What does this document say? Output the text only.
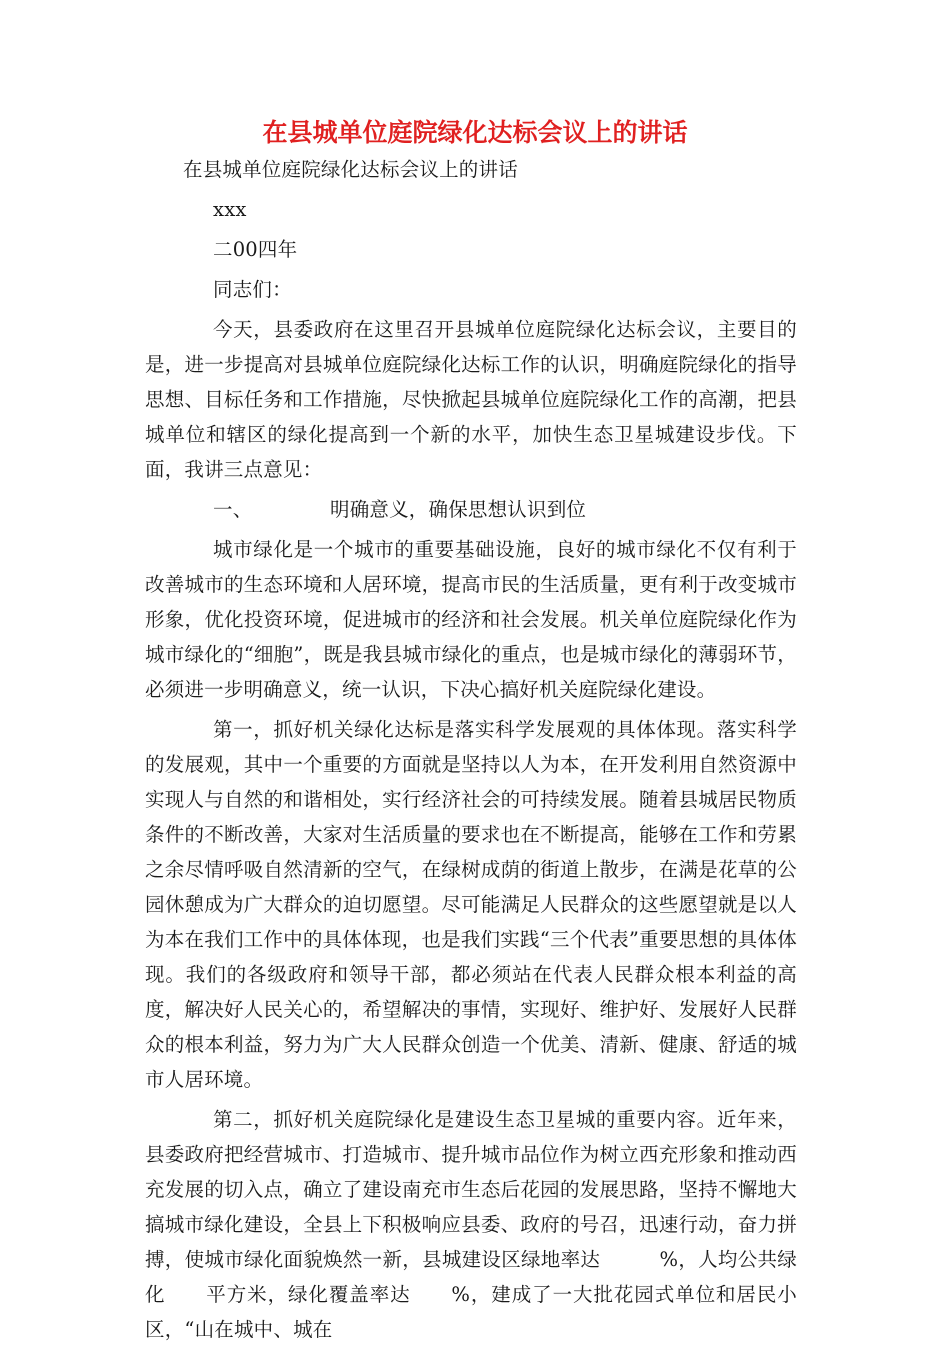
在县城单位庭院绿化达标会议上的讲话

在县城单位庭院绿化达标会议上的讲话

xxx

二00四年

同志们：

今天，县委政府在这里召开县城单位庭院绿化达标会议，主要目的是，进一步提高对县城单位庭院绿化达标工作的认识，明确庭院绿化的指导思想、目标任务和工作措施，尽快掀起县城单位庭院绿化工作的高潮，把县城单位和辖区的绿化提高到一个新的水平，加快生态卫星城建设步伐。下面，我讲三点意见：

一、	明确意义，确保思想认识到位

城市绿化是一个城市的重要基础设施，良好的城市绿化不仅有利于改善城市的生态环境和人居环境，提高市民的生活质量，更有利于改变城市形象，优化投资环境，促进城市的经济和社会发展。机关单位庭院绿化作为城市绿化的“细胞”，既是我县城市绿化的重点，也是城市绿化的薄弱环节，必须进一步明确意义，统一认识，下决心搞好机关庭院绿化建设。

第一，抓好机关绿化达标是落实科学发展观的具体体现。落实科学的发展观，其中一个重要的方面就是坚持以人为本，在开发利用自然资源中实现人与自然的和谐相处，实行经济社会的可持续发展。随着县城居民物质条件的不断改善，大家对生活质量的要求也在不断提高，能够在工作和劳累之余尽情呼吸自然清新的空气，在绿树成荫的街道上散步，在满是花草的公园休憩成为广大群众的迫切愿望。尽可能满足人民群众的这些愿望就是以人为本在我们工作中的具体体现，也是我们实践“三个代表”重要思想的具体体现。我们的各级政府和领导干部，都必须站在代表人民群众根本利益的高度，解决好人民关心的，希望解决的事情，实现好、维护好、发展好人民群众的根本利益，努力为广大人民群众创造一个优美、清新、健康、舒适的城市人居环境。

第二，抓好机关庭院绿化是建设生态卫星城的重要内容。近年来，县委政府把经营城市、打造城市、提升城市品位作为树立西充形象和推动西充发展的切入点，确立了建设南充市生态后花园的发展思路，坚持不懈地大搞城市绿化建设，全县上下积极响应县委、政府的号召，迅速行动，奋力拼搏，使城市绿化面貌焕然一新，县城建设区绿地率达　　　%，人均公共绿化　　平方米，绿化覆盖率达　　%，建成了一大批花园式单位和居民小区，“山在城中、城在
